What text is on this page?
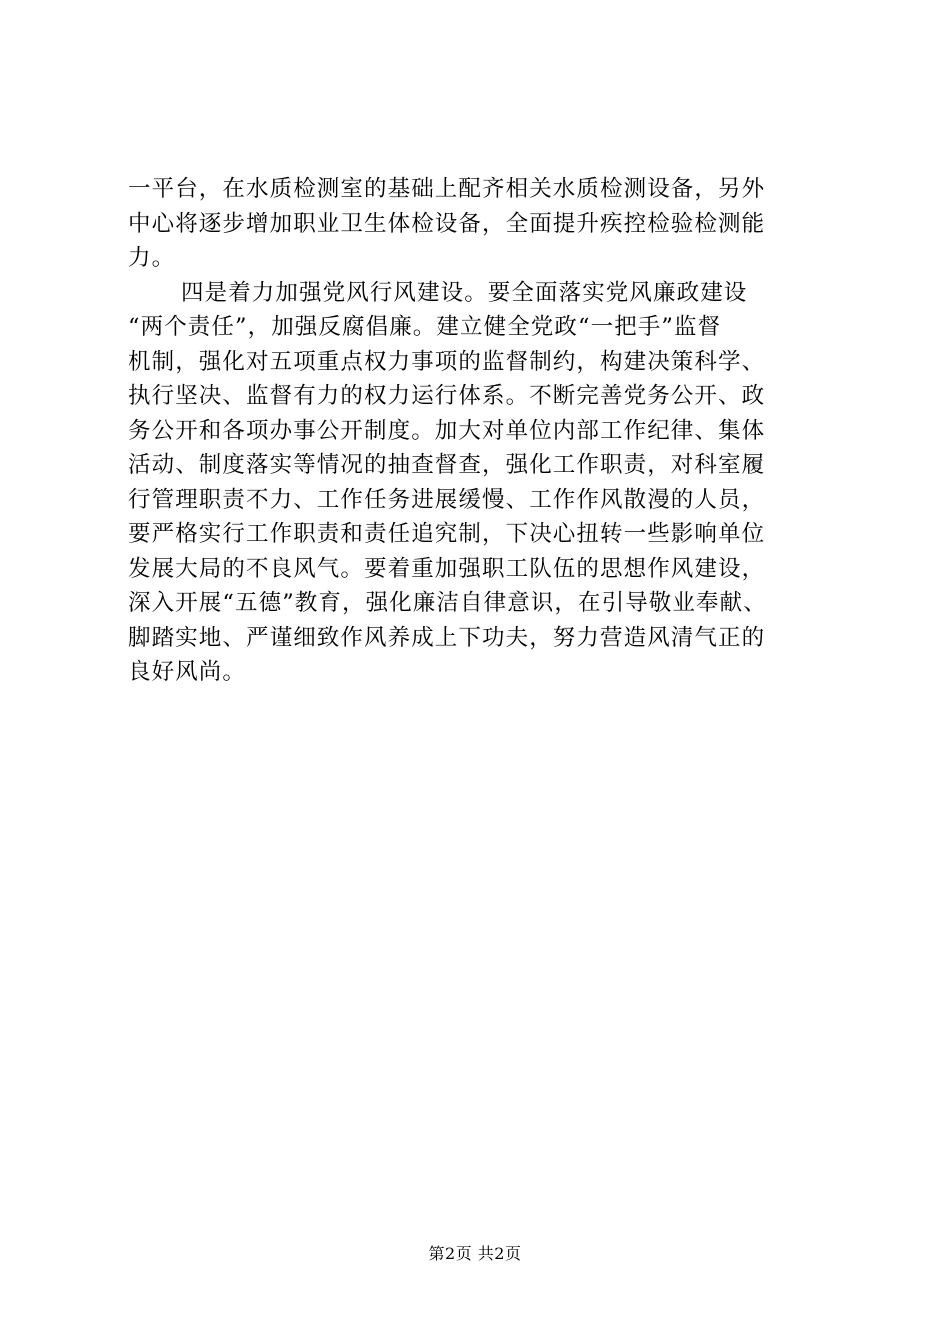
一平台，在水质检测室的基础上配齐相关水质检测设备，另外
中心将逐步增加职业卫生体检设备，全面提升疾控检验检测能
力。
四是着力加强党风行风建设。要全面落实党风廉政建设
“两个责任”，加强反腐倡廉。建立健全党政“一把手”监督
机制，强化对五项重点权力事项的监督制约，构建决策科学、
执行坚决、监督有力的权力运行体系。不断完善党务公开、政
务公开和各项办事公开制度。加大对单位内部工作纪律、集体
活动、制度落实等情况的抽查督查，强化工作职责，对科室履
行管理职责不力、工作任务进展缓慢、工作作风散漫的人员，
要严格实行工作职责和责任追究制，下决心扭转一些影响单位
发展大局的不良风气。要着重加强职工队伍的思想作风建设，
深入开展“五德”教育，强化廉洁自律意识，在引导敬业奉献、
脚踏实地、严谨细致作风养成上下功夫，努力营造风清气正的
良好风尚。
第2页 共2页
